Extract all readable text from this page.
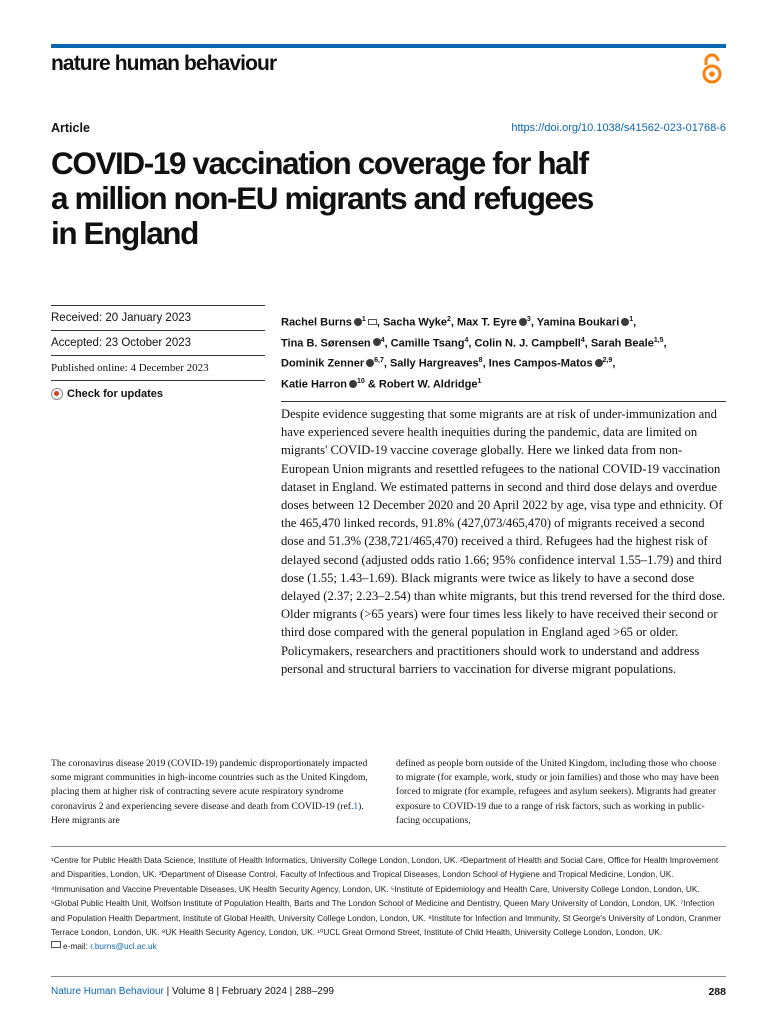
nature human behaviour
Article	https://doi.org/10.1038/s41562-023-01768-6
COVID-19 vaccination coverage for half
a million non-EU migrants and refugees
in England
Received: 20 January 2023
Accepted: 23 October 2023
Published online: 4 December 2023
Check for updates
Rachel Burns $^1$ , Sacha Wyke$^2$, Max T. Eyre $^3$, Yamina Boukari $^1$,
Tina B. Sørensen $^4$, Camille Tsang$^4$, Colin N. J. Campbell$^4$, Sarah Beale$^{1,5}$,
Dominik Zenner $^{6,7}$, Sally Hargreaves$^8$, Ines Campos-Matos $^{2,9}$,
Katie Harron $^{10}$ & Robert W. Aldridge$^1$
Despite evidence suggesting that some migrants are at risk of under-immunization and have experienced severe health inequities during the pandemic, data are limited on migrants' COVID-19 vaccine coverage globally. Here we linked data from non-European Union migrants and resettled refugees to the national COVID-19 vaccination dataset in England. We estimated patterns in second and third dose delays and overdue doses between 12 December 2020 and 20 April 2022 by age, visa type and ethnicity. Of the 465,470 linked records, 91.8% (427,073/465,470) of migrants received a second dose and 51.3% (238,721/465,470) received a third. Refugees had the highest risk of delayed second (adjusted odds ratio 1.66; 95% confidence interval 1.55–1.79) and third dose (1.55; 1.43–1.69). Black migrants were twice as likely to have a second dose delayed (2.37; 2.23–2.54) than white migrants, but this trend reversed for the third dose. Older migrants (>65 years) were four times less likely to have received their second or third dose compared with the general population in England aged >65 or older. Policymakers, researchers and practitioners should work to understand and address personal and structural barriers to vaccination for diverse migrant populations.
The coronavirus disease 2019 (COVID-19) pandemic disproportionately impacted some migrant communities in high-income countries such as the United Kingdom, placing them at higher risk of contracting severe acute respiratory syndrome coronavirus 2 and experiencing severe disease and death from COVID-19 (ref.1). Here migrants are
defined as people born outside of the United Kingdom, including those who choose to migrate (for example, work, study or join families) and those who may have been forced to migrate (for example, refugees and asylum seekers). Migrants had greater exposure to COVID-19 due to a range of risk factors, such as working in public-facing occupations,
¹Centre for Public Health Data Science, Institute of Health Informatics, University College London, London, UK. ²Department of Health and Social Care, Office for Health Improvement and Disparities, London, UK. ³Department of Disease Control, Faculty of Infectious and Tropical Diseases, London School of Hygiene and Tropical Medicine, London, UK. ⁴Immunisation and Vaccine Preventable Diseases, UK Health Security Agency, London, UK. ⁵Institute of Epidemiology and Health Care, University College London, London, UK. ⁶Global Public Health Unit, Wolfson Institute of Population Health, Barts and The London School of Medicine and Dentistry, Queen Mary University of London, London, UK. ⁷Infection and Population Health Department, Institute of Global Health, University College London, London, UK. ⁸Institute for Infection and Immunity, St George's University of London, Cranmer Terrace London, London, UK. ⁹UK Health Security Agency, London, UK. ¹⁰UCL Great Ormond Street, Institute of Child Health, University College London, London, UK.
e-mail: r.burns@ucl.ac.uk
Nature Human Behaviour | Volume 8 | February 2024 | 288–299	288
